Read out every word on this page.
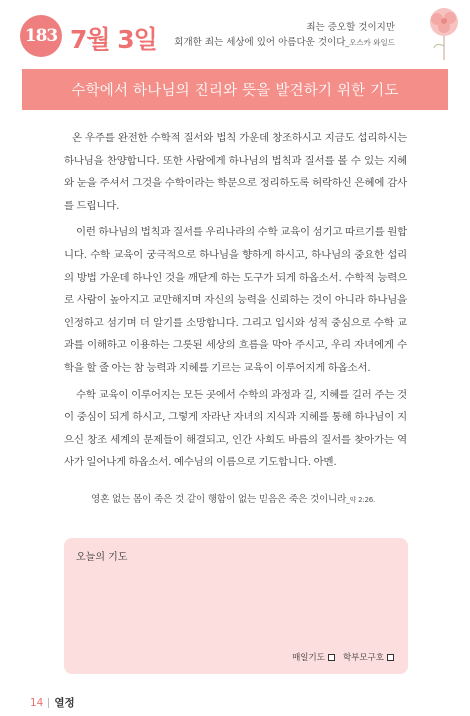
183 7월 3일	죄는 증오할 것이지만
회개한 죄는 세상에 있어 아름다운 것이다_오스카 와일드
수학에서 하나님의 진리와 뜻을 발견하기 위한 기도

온 우주를 완전한 수학적 질서와 법칙 가운데 창조하시고 지금도 섭리하시는 하나님을 찬양합니다. 또한 사람에게 하나님의 법칙과 질서를 볼 수 있는 지혜와 눈을 주셔서 그것을 수학이라는 학문으로 정리하도록 허락하신 은혜에 감사를 드립니다.

이런 하나님의 법칙과 질서를 우리나라의 수학 교육이 섬기고 따르기를 원합니다. 수학 교육이 궁극적으로 하나님을 향하게 하시고, 하나님의 중요한 섭리의 방법 가운데 하나인 것을 깨닫게 하는 도구가 되게 하옵소서. 수학적 능력으로 사람이 높아지고 교만해지며 자신의 능력을 신뢰하는 것이 아니라 하나님을 인정하고 섬기며 더 알기를 소망합니다. 그리고 입시와 성적 중심으로 수학 교과를 이해하고 이용하는 그릇된 세상의 흐름을 막아 주시고, 우리 자녀에게 수학을 할 줄 아는 참 능력과 지혜를 기르는 교육이 이루어지게 하옵소서.

수학 교육이 이루어지는 모든 곳에서 수학의 과정과 길, 지혜를 길러 주는 것이 중심이 되게 하시고, 그렇게 자라난 자녀의 지식과 지혜를 통해 하나님이 지으신 창조 세계의 문제들이 해결되고, 인간 사회도 바름의 질서를 찾아가는 역사가 일어나게 하옵소서. 예수님의 이름으로 기도합니다. 아멘.

영혼 없는 몸이 죽은 것 같이 행함이 없는 믿음은 죽은 것이니라_약 2:26.
오늘의 기도
매일기도 학부모구호
14 열정
